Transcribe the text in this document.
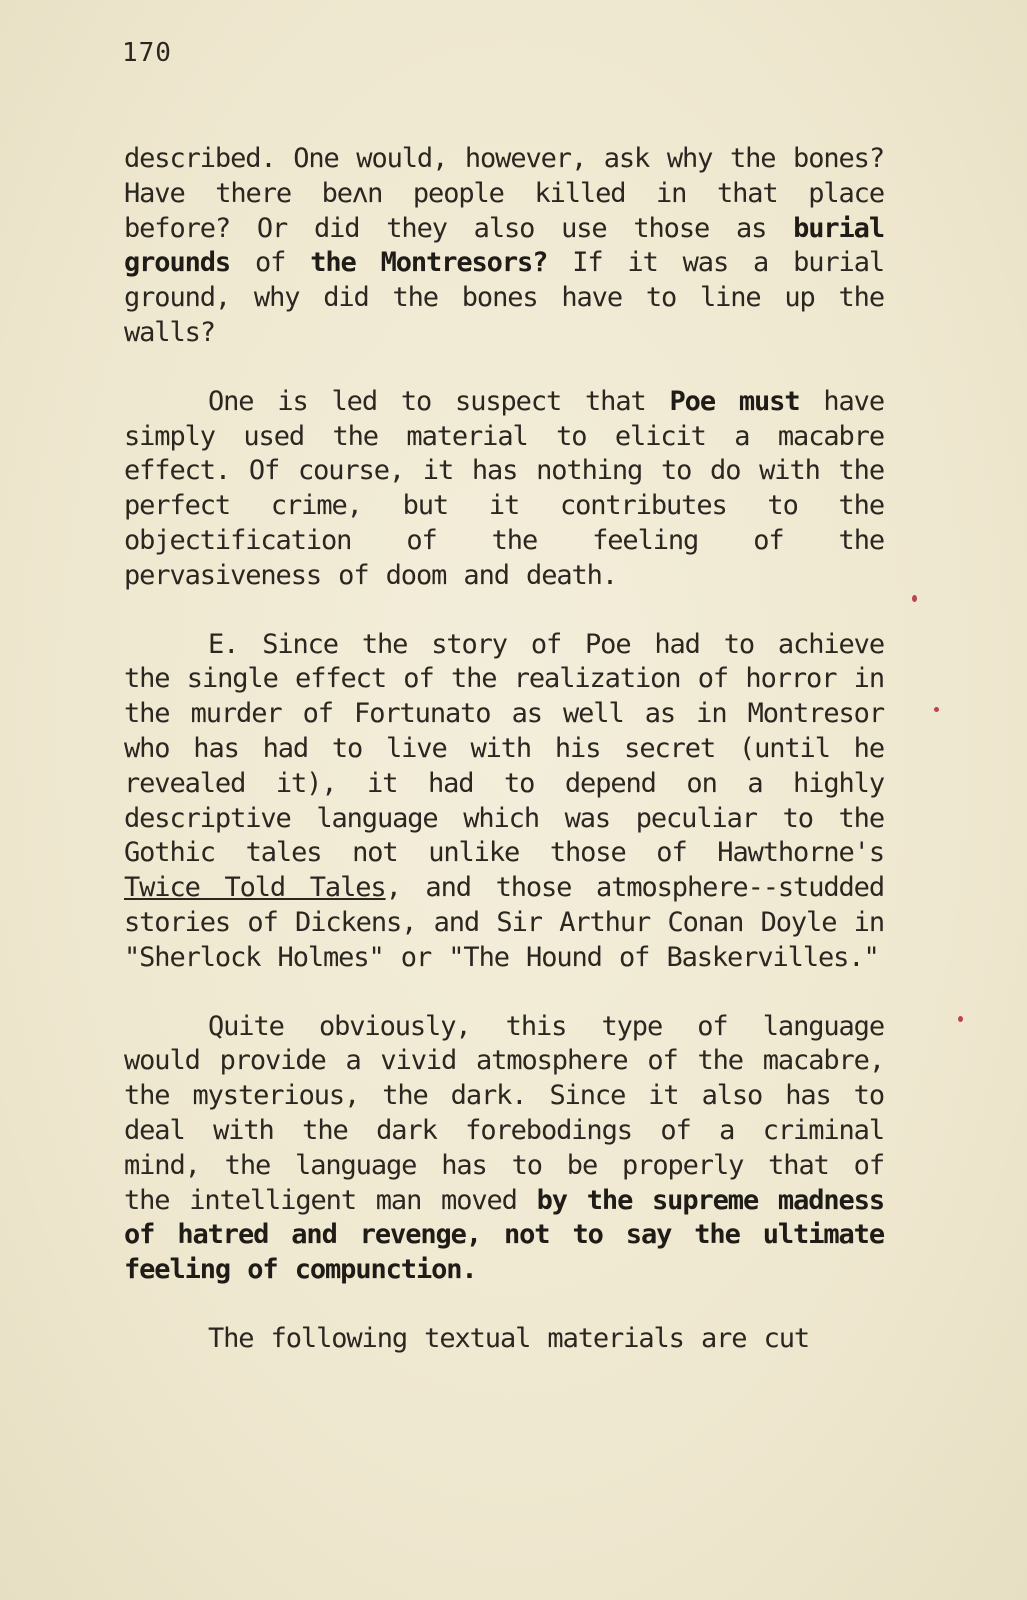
170

described. One would, however, ask why the bones? Have there beʌn people killed in that place before? Or did they also use those as burial grounds of the Montresors? If it was a burial ground, why did the bones have to line up the walls?

One is led to suspect that Poe must have simply used the material to elicit a macabre effect. Of course, it has nothing to do with the perfect crime, but it contributes to the objectification of the feeling of the pervasiveness of doom and death.

E. Since the story of Poe had to achieve the single effect of the realization of horror in the murder of Fortunato as well as in Montresor who has had to live with his secret (until he revealed it), it had to depend on a highly descriptive language which was peculiar to the Gothic tales not unlike those of Hawthorne's Twice Told Tales, and those atmosphere--studded stories of Dickens, and Sir Arthur Conan Doyle in "Sherlock Holmes" or "The Hound of Baskervilles."

Quite obviously, this type of language would provide a vivid atmosphere of the macabre, the mysterious, the dark. Since it also has to deal with the dark forebodings of a criminal mind, the language has to be properly that of the intelligent man moved by the supreme madness of hatred and revenge, not to say the ultimate feeling of compunction.

The following textual materials are cut
